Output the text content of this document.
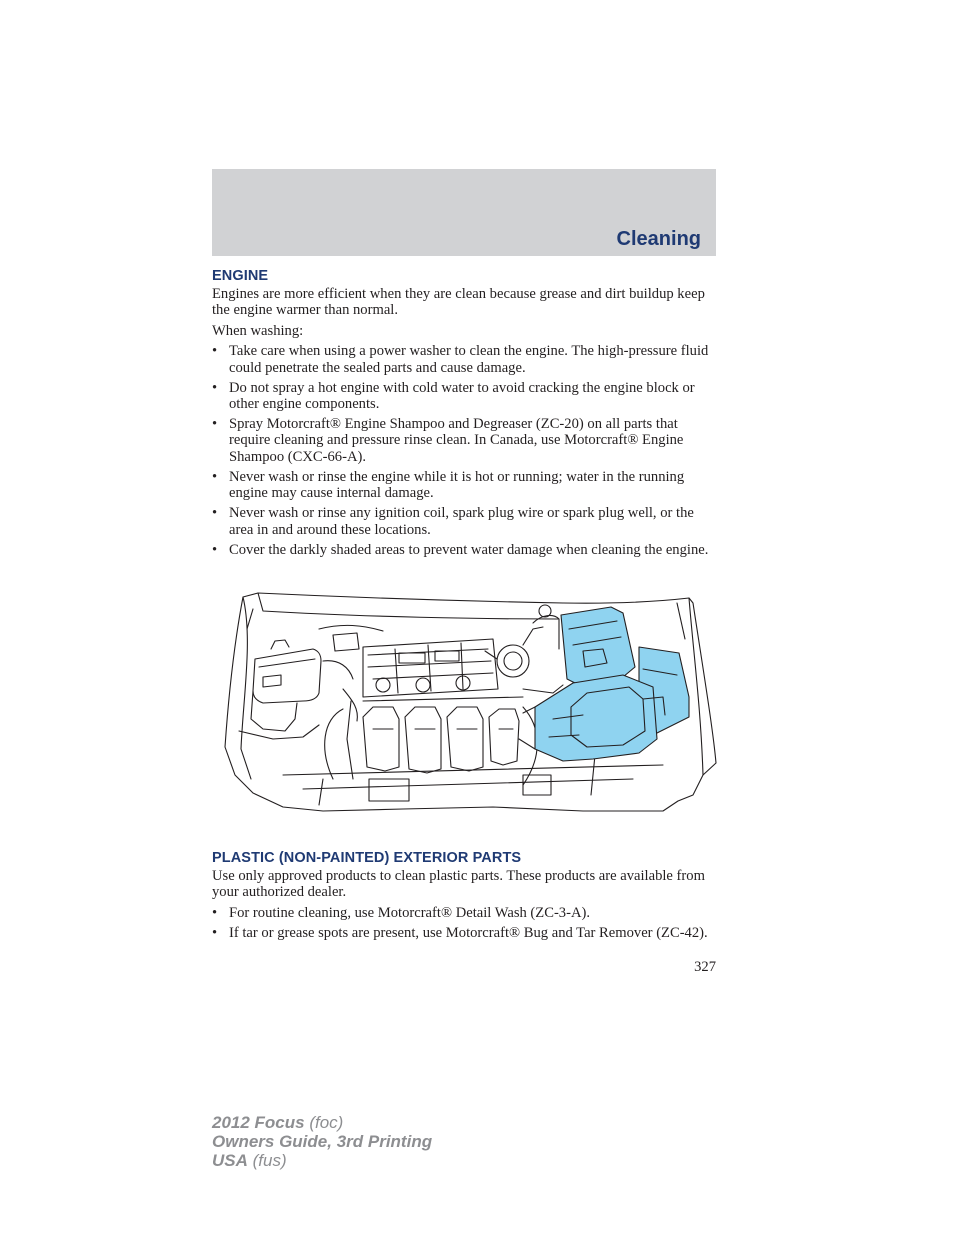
Cleaning
ENGINE

Engines are more efficient when they are clean because grease and dirt buildup keep the engine warmer than normal.

When washing:

• Take care when using a power washer to clean the engine. The high-pressure fluid could penetrate the sealed parts and cause damage.
• Do not spray a hot engine with cold water to avoid cracking the engine block or other engine components.
• Spray Motorcraft® Engine Shampoo and Degreaser (ZC-20) on all parts that require cleaning and pressure rinse clean. In Canada, use Motorcraft® Engine Shampoo (CXC-66-A).
• Never wash or rinse the engine while it is hot or running; water in the running engine may cause internal damage.
• Never wash or rinse any ignition coil, spark plug wire or spark plug well, or the area in and around these locations.
• Cover the darkly shaded areas to prevent water damage when cleaning the engine.
PLASTIC (NON-PAINTED) EXTERIOR PARTS

Use only approved products to clean plastic parts. These products are available from your authorized dealer.

• For routine cleaning, use Motorcraft® Detail Wash (ZC-3-A).
• If tar or grease spots are present, use Motorcraft® Bug and Tar Remover (ZC-42).
327
2012 Focus (foc)
Owners Guide, 3rd Printing
USA (fus)
